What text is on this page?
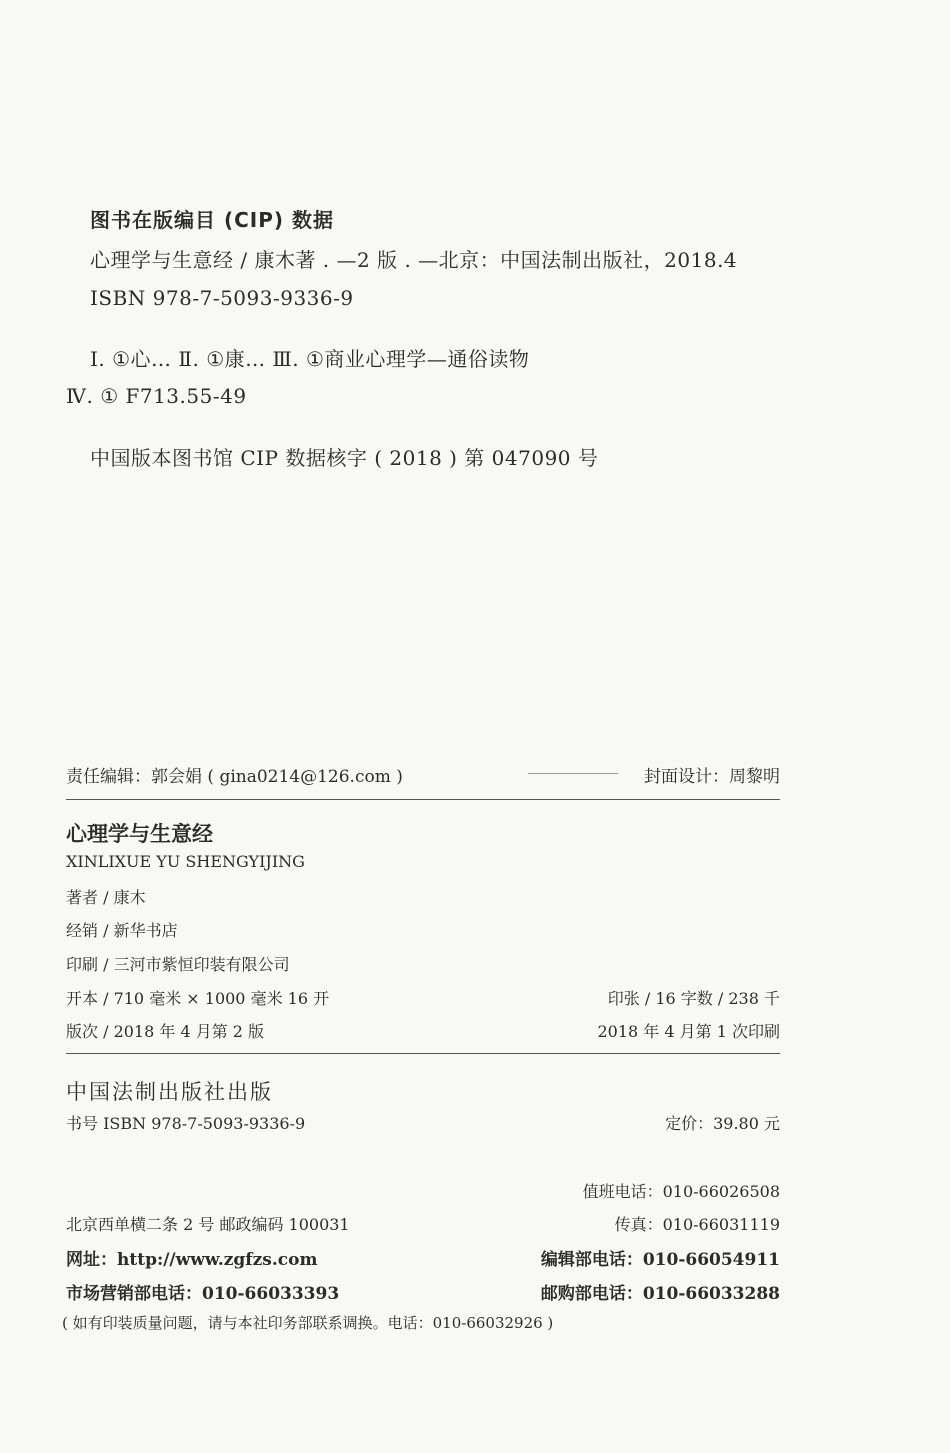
图书在版编目 (CIP) 数据
心理学与生意经 / 康木著 . —2 版 . —北京：中国法制出版社，2018.4
ISBN 978-7-5093-9336-9
Ⅰ. ①心… Ⅱ. ①康… Ⅲ. ①商业心理学—通俗读物
Ⅳ. ① F713.55-49
中国版本图书馆 CIP 数据核字 ( 2018 ) 第 047090 号
责任编辑：郭会娟 ( gina0214@126.com )	封面设计：周黎明
心理学与生意经
XINLIXUE YU SHENGYIJING
著者 / 康木
经销 / 新华书店
印刷 / 三河市紫恒印装有限公司
开本 / 710 毫米 × 1000 毫米 16 开	印张 / 16 字数 / 238 千
版次 / 2018 年 4 月第 2 版	2018 年 4 月第 1 次印刷
中国法制出版社出版
书号 ISBN 978-7-5093-9336-9	定价：39.80 元
值班电话：010-66026508
北京西单横二条 2 号 邮政编码 100031	传真：010-66031119
网址：http://www.zgfzs.com	编辑部电话：010-66054911
市场营销部电话：010-66033393	邮购部电话：010-66033288
( 如有印装质量问题，请与本社印务部联系调换。电话：010-66032926 )
